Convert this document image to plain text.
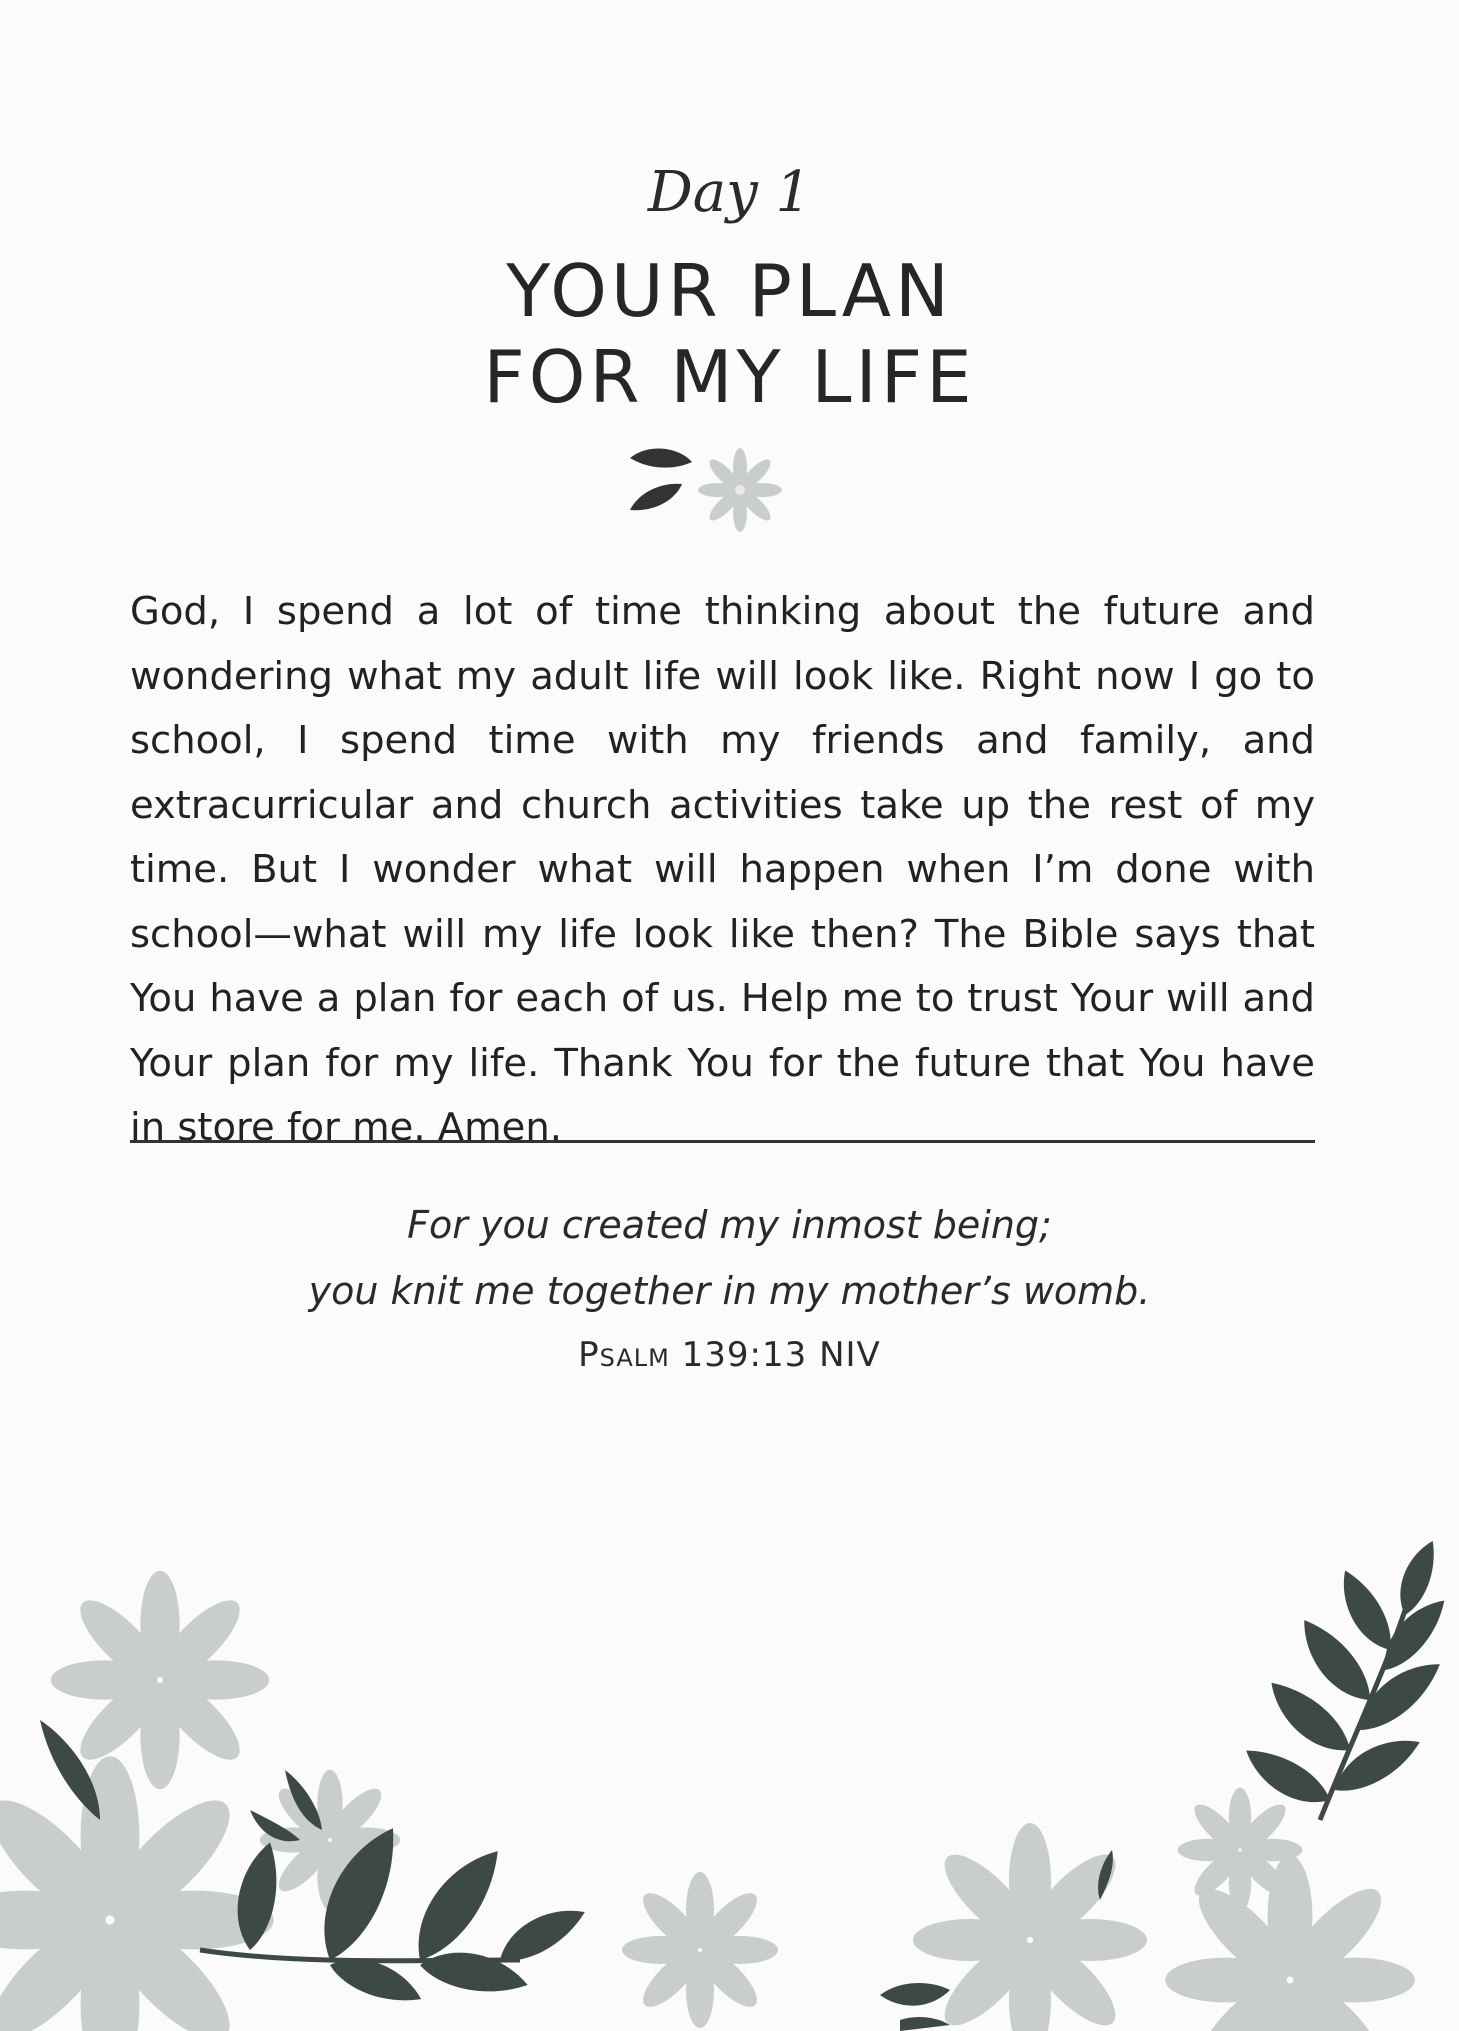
Day 1
YOUR PLAN
FOR MY LIFE

God, I spend a lot of time thinking about the future and wondering what my adult life will look like. Right now I go to school, I spend time with my friends and family, and extracurricular and church activities take up the rest of my time. But I wonder what will happen when I’m done with school—what will my life look like then? The Bible says that You have a plan for each of us. Help me to trust Your will and Your plan for my life. Thank You for the future that You have in store for me. Amen.

For you created my inmost being;
you knit me together in my mother’s womb.
Psalm 139:13 NIV
